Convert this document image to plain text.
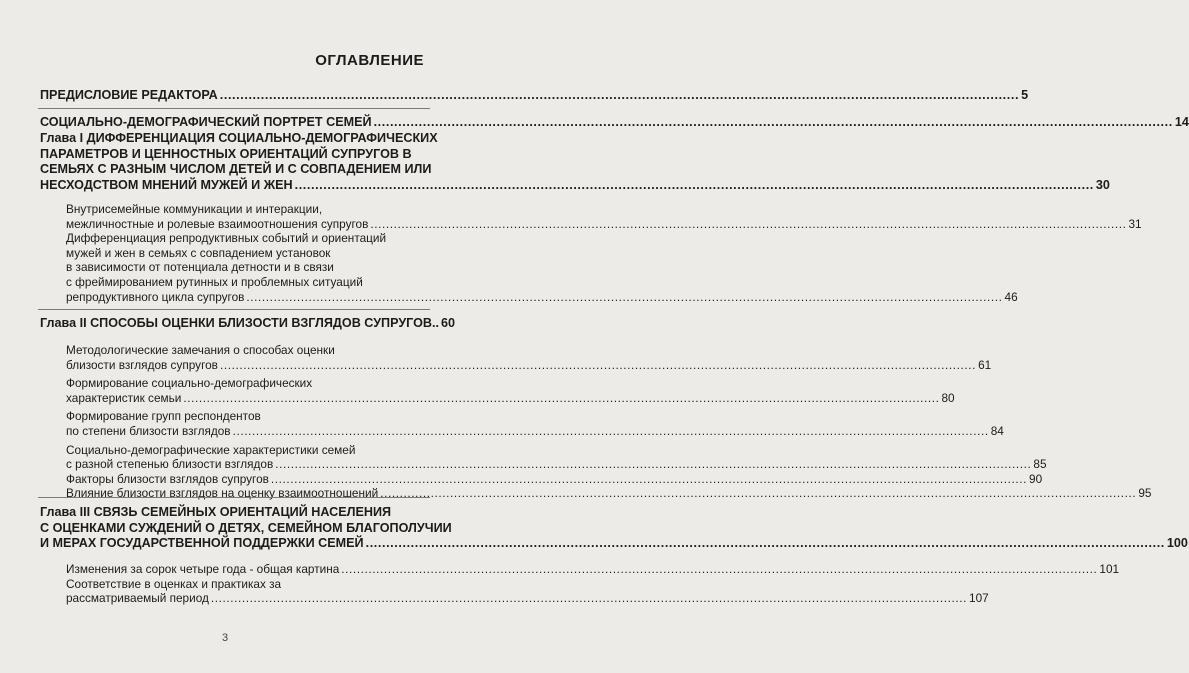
ОГЛАВЛЕНИЕ
ПРЕДИСЛОВИЕ РЕДАКТОРА .....	5
СОЦИАЛЬНО-ДЕМОГРАФИЧЕСКИЙ ПОРТРЕТ СЕМЕЙ .....	14
Глава I ДИФФЕРЕНЦИАЦИЯ СОЦИАЛЬНО-ДЕМОГРАФИЧЕСКИХ
ПАРАМЕТРОВ И ЦЕННОСТНЫХ ОРИЕНТАЦИЙ СУПРУГОВ В
СЕМЬЯХ С РАЗНЫМ ЧИСЛОМ ДЕТЕЙ И С СОВПАДЕНИЕМ ИЛИ
НЕСХОДСТВОМ МНЕНИЙ МУЖЕЙ И ЖЕН .....	30
Внутрисемейные коммуникации и интеракции,
межличностные и ролевые взаимоотношения супругов .....	31
Дифференциация репродуктивных событий и ориентаций
мужей и жен в семьях с совпадением установок
в зависимости от потенциала детности и в связи
с фреймированием рутинных и проблемных ситуаций
репродуктивного цикла супругов .....	46
Глава II СПОСОБЫ ОЦЕНКИ БЛИЗОСТИ ВЗГЛЯДОВ СУПРУГОВ.. 60
Методологические замечания о способах оценки
близости взглядов супругов .....	61
Формирование социально-демографических
характеристик семьи .....	80
Формирование групп респондентов
по степени близости взглядов .....	84
Социально-демографические характеристики семей
с разной степенью близости взглядов .....	85
Факторы близости взглядов супругов .....	90
Влияние близости взглядов на оценку взаимоотношений .....	95
Глава III СВЯЗЬ СЕМЕЙНЫХ ОРИЕНТАЦИЙ НАСЕЛЕНИЯ
С ОЦЕНКАМИ СУЖДЕНИЙ О ДЕТЯХ, СЕМЕЙНОМ БЛАГОПОЛУЧИИ
И МЕРАХ ГОСУДАРСТВЕННОЙ ПОДДЕРЖКИ СЕМЕЙ .....	100
Изменения за сорок четыре года - общая картина .....	101
Соответствие в оценках и практиках за
рассматриваемый период .....	107
3
